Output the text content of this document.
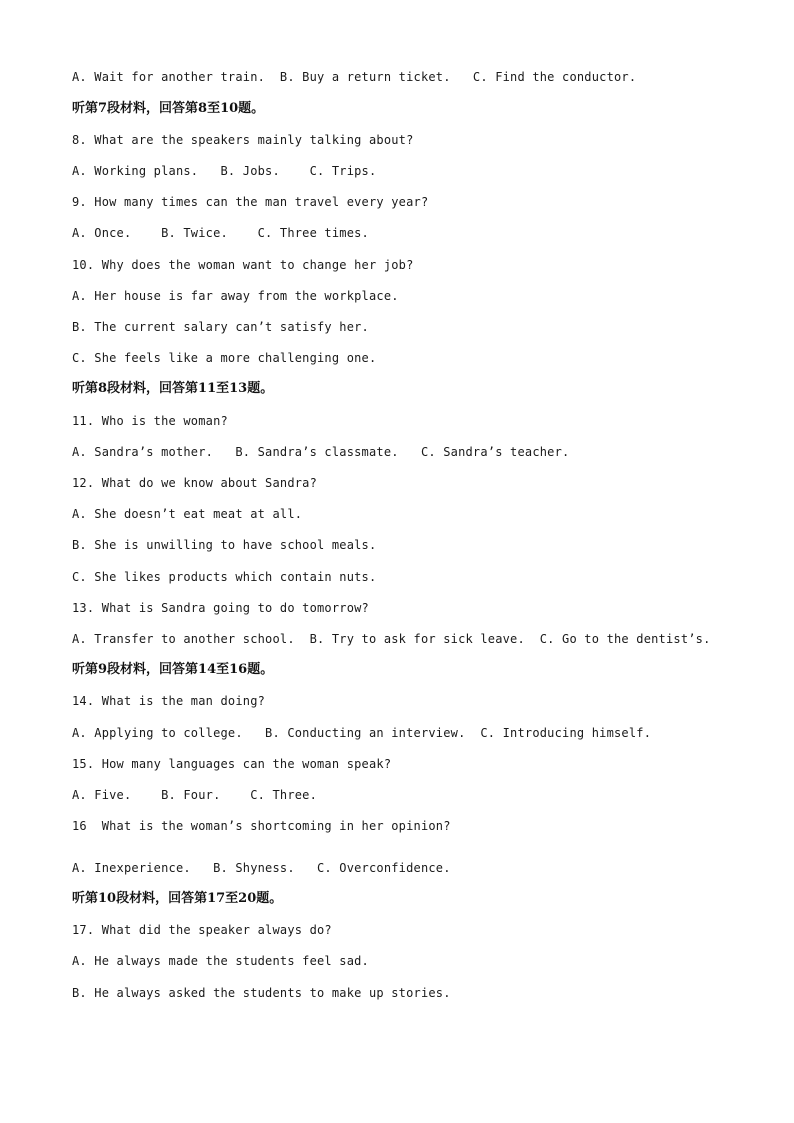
A. Wait for another train.  B. Buy a return ticket.   C. Find the conductor.
听第7段材料，回答第8至10题。
8. What are the speakers mainly talking about?
A. Working plans.   B. Jobs.    C. Trips.
9. How many times can the man travel every year?
A. Once.    B. Twice.    C. Three times.
10. Why does the woman want to change her job?
A. Her house is far away from the workplace.
B. The current salary can’t satisfy her.
C. She feels like a more challenging one.
听第8段材料，回答第11至13题。
11. Who is the woman?
A. Sandra’s mother.   B. Sandra’s classmate.   C. Sandra’s teacher.
12. What do we know about Sandra?
A. She doesn’t eat meat at all.
B. She is unwilling to have school meals.
C. She likes products which contain nuts.
13. What is Sandra going to do tomorrow?
A. Transfer to another school.  B. Try to ask for sick leave.  C. Go to the dentist’s.
听第9段材料，回答第14至16题。
14. What is the man doing?
A. Applying to college.   B. Conducting an interview.  C. Introducing himself.
15. How many languages can the woman speak?
A. Five.    B. Four.    C. Three.
16  What is the woman’s shortcoming in her opinion?
A. Inexperience.   B. Shyness.   C. Overconfidence.
听第10段材料，回答第17至20题。
17. What did the speaker always do?
A. He always made the students feel sad.
B. He always asked the students to make up stories.
